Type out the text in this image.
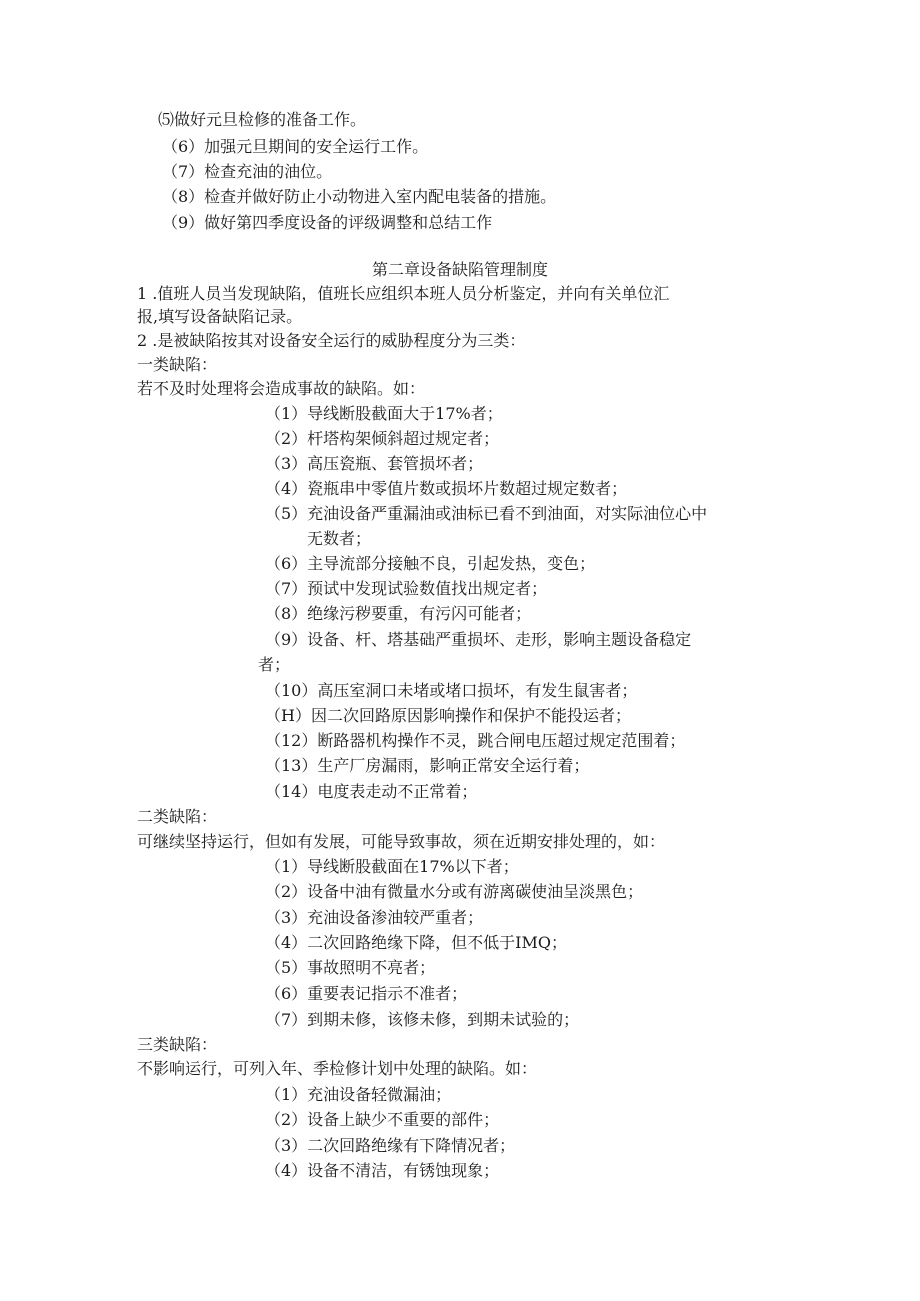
⑸做好元旦检修的准备工作。
（6）加强元旦期间的安全运行工作。
（7）检查充油的油位。
（8）检查并做好防止小动物进入室内配电装备的措施。
（9）做好第四季度设备的评级调整和总结工作
第二章设备缺陷管理制度
1 .值班人员当发现缺陷，值班长应组织本班人员分析鉴定，并向有关单位汇
报,填写设备缺陷记录。
2 .是被缺陷按其对设备安全运行的威胁程度分为三类：
一类缺陷：
若不及时处理将会造成事故的缺陷。如：
（1）导线断股截面大于17%者；
（2）杆塔构架倾斜超过规定者；
（3）高压瓷瓶、套管损坏者；
（4）瓷瓶串中零值片数或损坏片数超过规定数者；
（5）充油设备严重漏油或油标已看不到油面，对实际油位心中
无数者；
（6）主导流部分接触不良，引起发热，变色；
（7）预试中发现试验数值找出规定者；
（8）绝缘污秽要重，有污闪可能者；
（9）设备、杆、塔基础严重损坏、走形，影响主题设备稳定
者；
（10）高压室洞口未堵或堵口损坏，有发生鼠害者；
（H）因二次回路原因影响操作和保护不能投运者；
（12）断路器机构操作不灵，跳合闸电压超过规定范围着；
（13）生产厂房漏雨，影响正常安全运行着；
（14）电度表走动不正常着；
二类缺陷：
可继续坚持运行，但如有发展，可能导致事故，须在近期安排处理的，如：
（1）导线断股截面在17%以下者；
（2）设备中油有微量水分或有游离碳使油呈淡黑色；
（3）充油设备渗油较严重者；
（4）二次回路绝缘下降，但不低于IMQ；
（5）事故照明不亮者；
（6）重要表记指示不准者；
（7）到期未修，该修未修，到期未试验的；
三类缺陷：
不影响运行，可列入年、季检修计划中处理的缺陷。如：
（1）充油设备轻微漏油；
（2）设备上缺少不重要的部件；
（3）二次回路绝缘有下降情况者；
（4）设备不清洁，有锈蚀现象；
